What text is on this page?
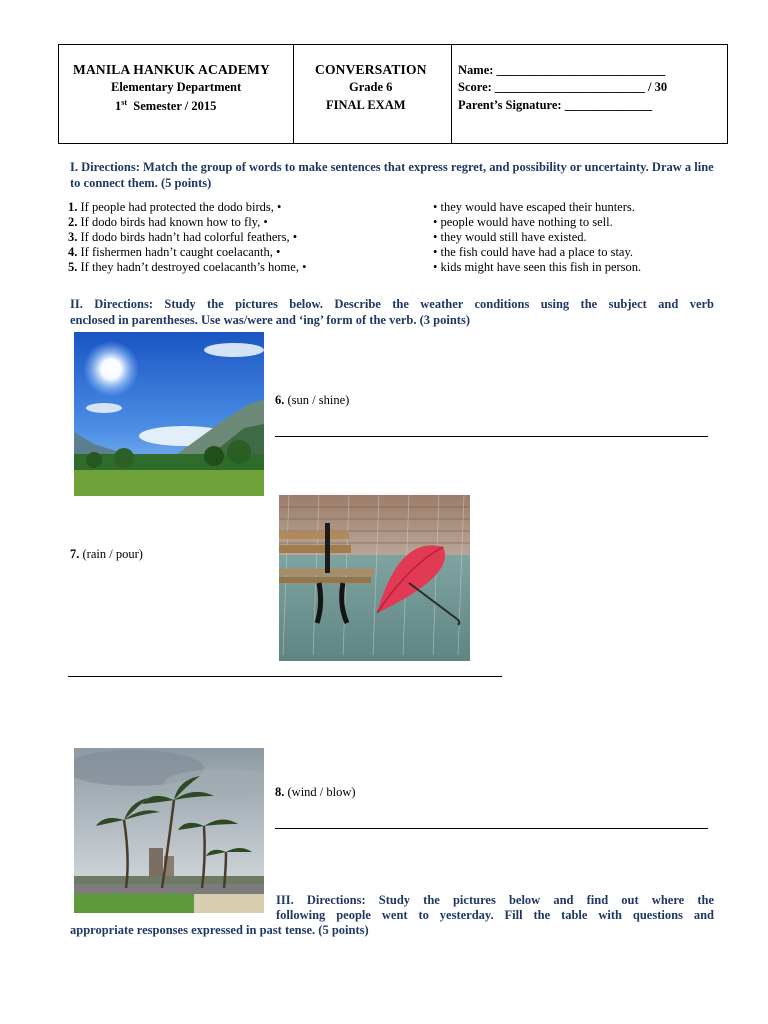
MANILA HANKUK ACADEMY
Elementary Department
1st Semester / 2015
CONVERSATION
Grade 6
FINAL EXAM
Name: ___________________________
Score: ________________________ / 30
Parent’s Signature: ______________
I. Directions: Match the group of words to make sentences that express regret, and possibility or uncertainty. Draw a line to connect them. (5 points)
1. If people had protected the dodo birds, •
2. If dodo birds had known how to fly, •
3. If dodo birds hadn’t had colorful feathers, •
4. If fishermen hadn’t caught coelacanth, •
5. If they hadn’t destroyed coelacanth’s home, •
• they would have escaped their hunters.
• people would have nothing to sell.
• they would still have existed.
• the fish could have had a place to stay.
• kids might have seen this fish in person.
II. Directions: Study the pictures below. Describe the weather conditions using the subject and verb
enclosed in parentheses. Use was/were and ‘ing’ form of the verb. (3 points)
6. (sun / shine)
7. (rain / pour)
8. (wind / blow)
III. Directions: Study the pictures below and find out where the
following people went to yesterday. Fill the table with questions and
appropriate responses expressed in past tense. (5 points)
